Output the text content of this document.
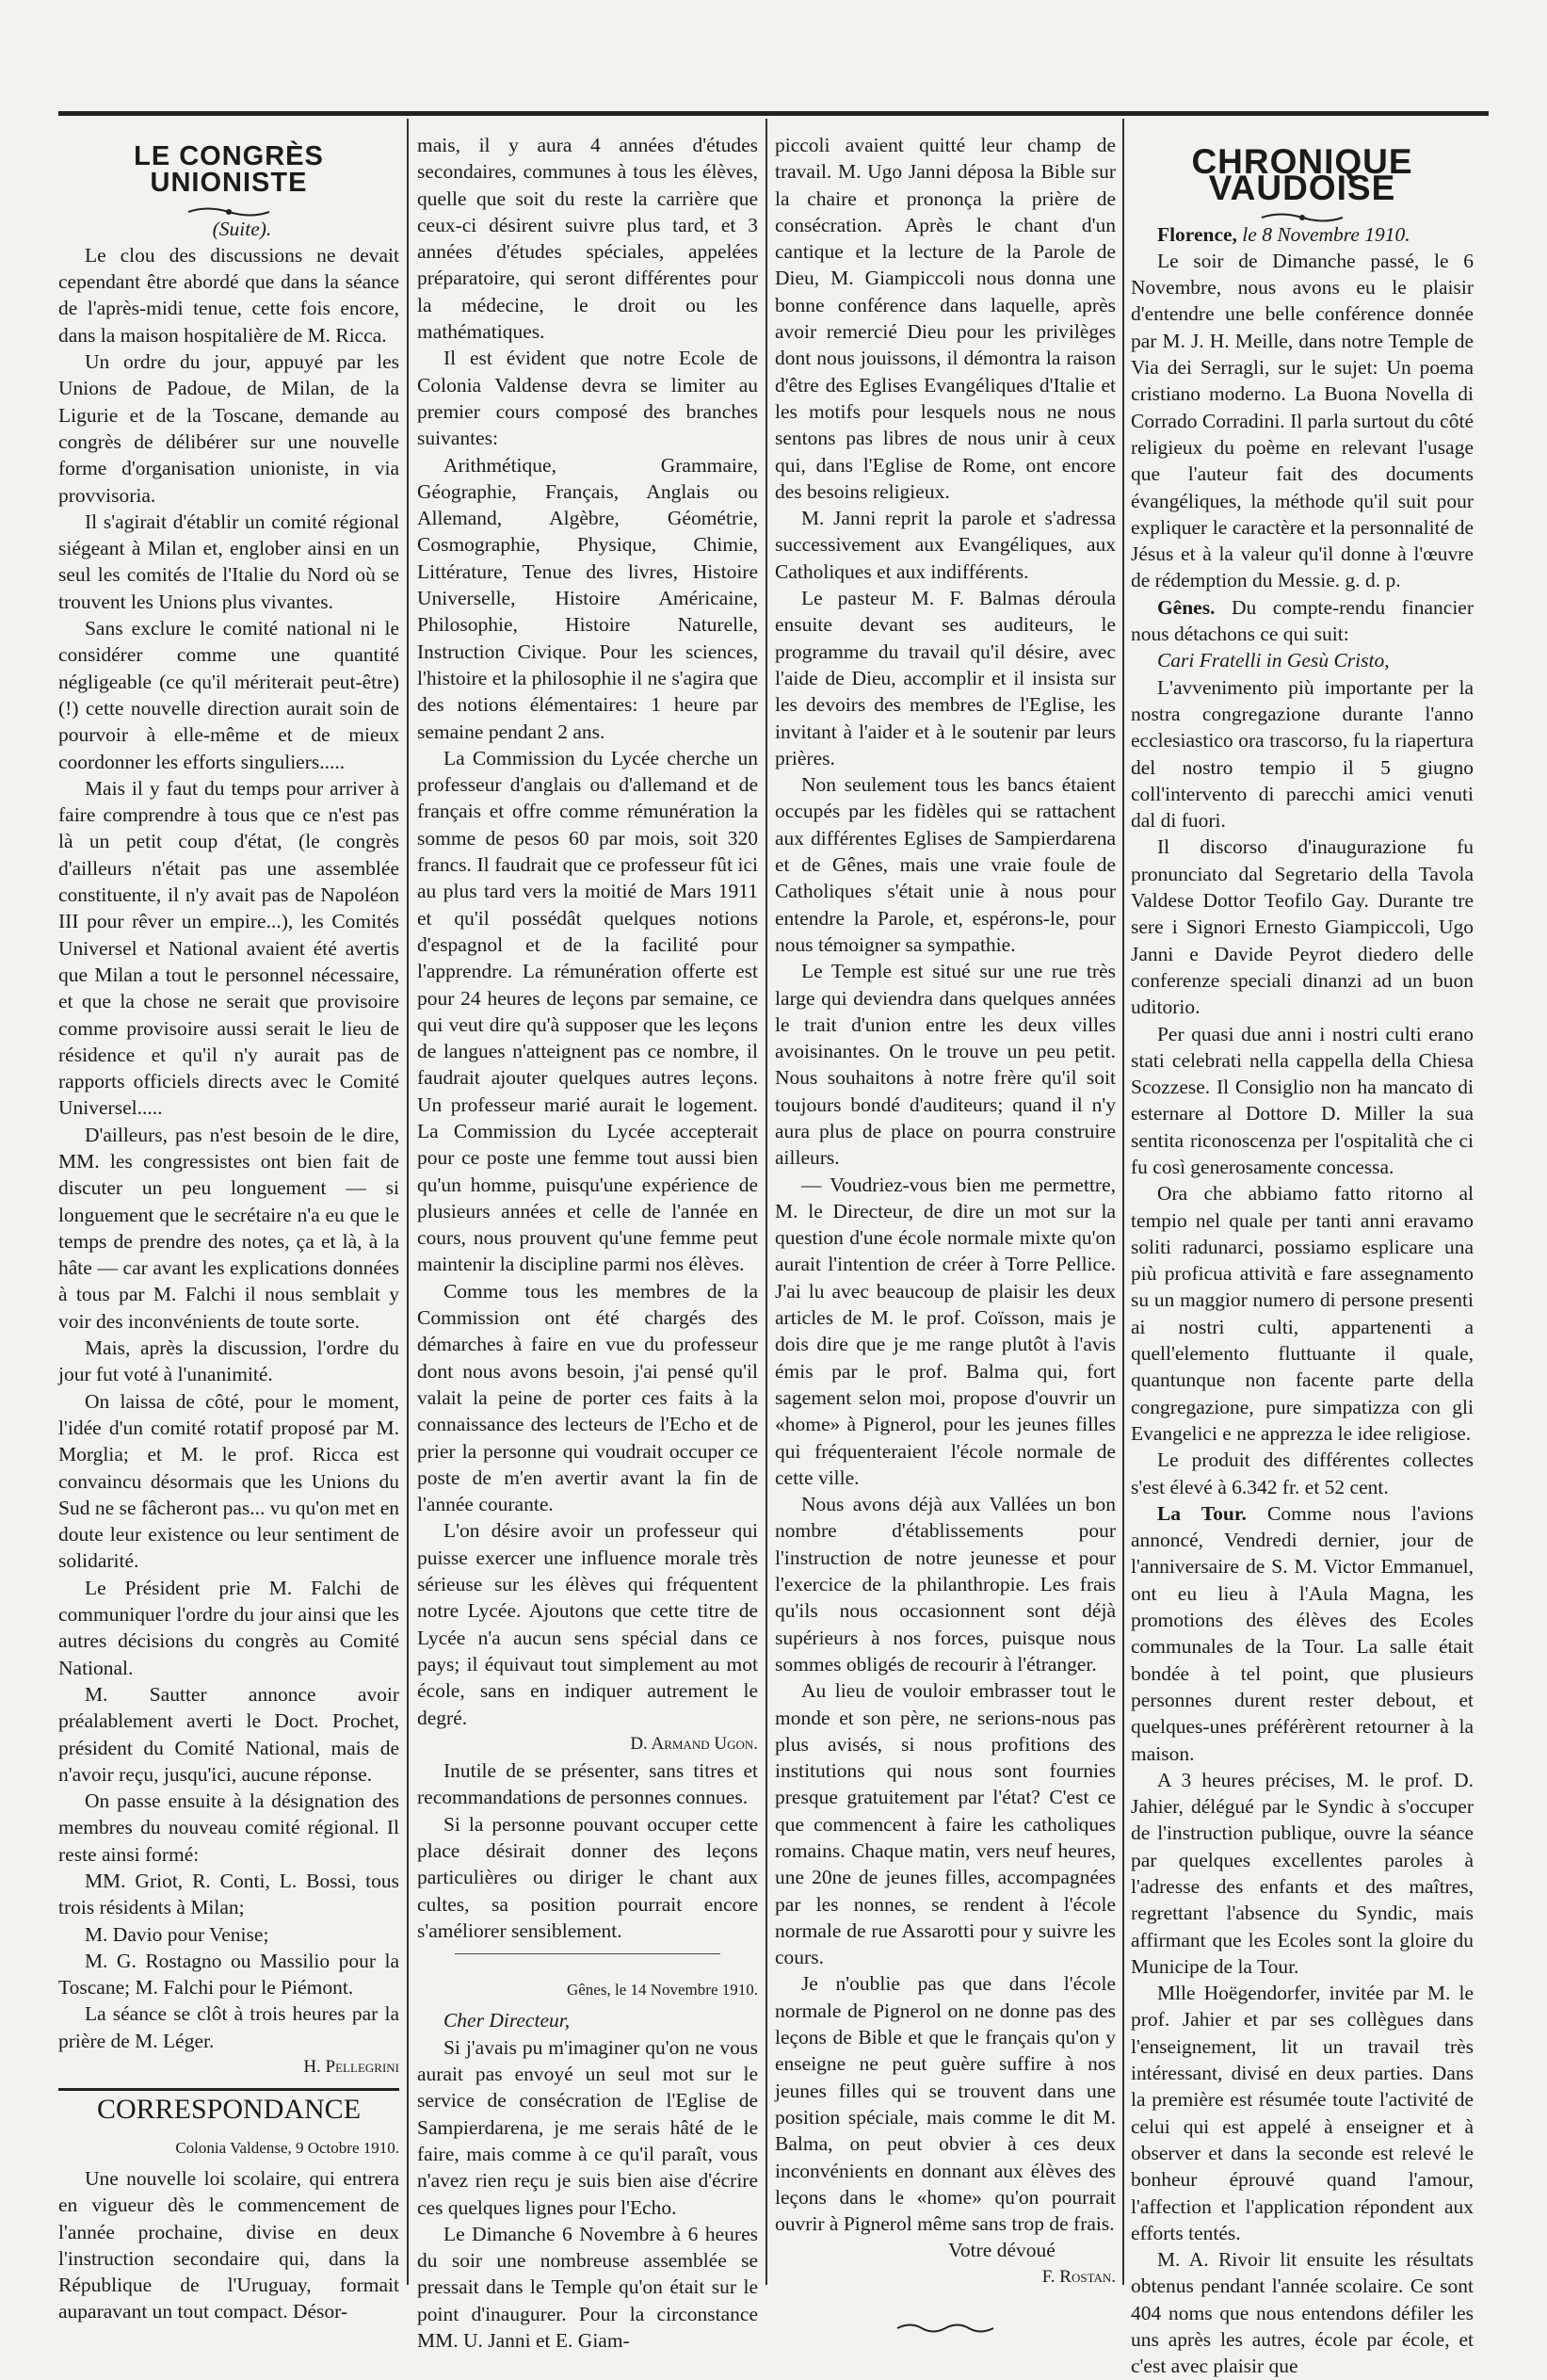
LE CONGRÈS UNIONISTE

(Suite).

Le clou des discussions ne devait cependant être abordé que dans la séance de l'après-midi tenue, cette fois encore, dans la maison hospitalière de M. Ricca.

Un ordre du jour, appuyé par les Unions de Padoue, de Milan, de la Ligurie et de la Toscane, demande au congrès de délibérer sur une nouvelle forme d'organisation unioniste, in via provvisoria.

Il s'agirait d'établir un comité régional siégeant à Milan et, englober ainsi en un seul les comités de l'Italie du Nord où se trouvent les Unions plus vivantes.

Sans exclure le comité national ni le considérer comme une quantité négligeable (ce qu'il mériterait peut-être) (!) cette nouvelle direction aurait soin de pourvoir à elle-même et de mieux coordonner les efforts singuliers.....

Mais il y faut du temps pour arriver à faire comprendre à tous que ce n'est pas là un petit coup d'état, (le congrès d'ailleurs n'était pas une assemblée constituente, il n'y avait pas de Napoléon III pour rêver un empire...), les Comités Universel et National avaient été avertis que Milan a tout le personnel nécessaire, et que la chose ne serait que provisoire comme provisoire aussi serait le lieu de résidence et qu'il n'y aurait pas de rapports officiels directs avec le Comité Universel.....

D'ailleurs, pas n'est besoin de le dire, MM. les congressistes ont bien fait de discuter un peu longuement — si longuement que le secrétaire n'a eu que le temps de prendre des notes, ça et là, à la hâte — car avant les explications données à tous par M. Falchi il nous semblait y voir des inconvénients de toute sorte.

Mais, après la discussion, l'ordre du jour fut voté à l'unanimité.

On laissa de côté, pour le moment, l'idée d'un comité rotatif proposé par M. Morglia; et M. le prof. Ricca est convaincu désormais que les Unions du Sud ne se fâcheront pas... vu qu'on met en doute leur existence ou leur sentiment de solidarité.

Le Président prie M. Falchi de communiquer l'ordre du jour ainsi que les autres décisions du congrès au Comité National.

M. Sautter annonce avoir préalablement averti le Doct. Prochet, président du Comité National, mais de n'avoir reçu, jusqu'ici, aucune réponse.

On passe ensuite à la désignation des membres du nouveau comité régional. Il reste ainsi formé:

MM. Griot, R. Conti, L. Bossi, tous trois résidents à Milan;

M. Davio pour Venise;

M. G. Rostagno ou Massilio pour la Toscane; M. Falchi pour le Piémont.

La séance se clôt à trois heures par la prière de M. Léger.

H. Pellegrini
CORRESPONDANCE
Colonia Valdense, 9 Octobre 1910.

Une nouvelle loi scolaire, qui entrera en vigueur dès le commencement de l'année prochaine, divise en deux l'instruction secondaire qui, dans la République de l'Uruguay, formait auparavant un tout compact. Désor-

mais, il y aura 4 années d'études secondaires, communes à tous les élèves, quelle que soit du reste la carrière que ceux-ci désirent suivre plus tard, et 3 années d'études spéciales, appelées préparatoire, qui seront différentes pour la médecine, le droit ou les mathématiques.

Il est évident que notre Ecole de Colonia Valdense devra se limiter au premier cours composé des branches suivantes:

Arithmétique, Grammaire, Géographie, Français, Anglais ou Allemand, Algèbre, Géométrie, Cosmographie, Physique, Chimie, Littérature, Tenue des livres, Histoire Universelle, Histoire Américaine, Philosophie, Histoire Naturelle, Instruction Civique. Pour les sciences, l'histoire et la philosophie il ne s'agira que des notions élémentaires: 1 heure par semaine pendant 2 ans.

La Commission du Lycée cherche un professeur d'anglais ou d'allemand et de français et offre comme rémunération la somme de pesos 60 par mois, soit 320 francs. Il faudrait que ce professeur fût ici au plus tard vers la moitié de Mars 1911 et qu'il possédât quelques notions d'espagnol et de la facilité pour l'apprendre. La rémunération offerte est pour 24 heures de leçons par semaine, ce qui veut dire qu'à supposer que les leçons de langues n'atteignent pas ce nombre, il faudrait ajouter quelques autres leçons. Un professeur marié aurait le logement. La Commission du Lycée accepterait pour ce poste une femme tout aussi bien qu'un homme, puisqu'une expérience de plusieurs années et celle de l'année en cours, nous prouvent qu'une femme peut maintenir la discipline parmi nos élèves.

Comme tous les membres de la Commission ont été chargés des démarches à faire en vue du professeur dont nous avons besoin, j'ai pensé qu'il valait la peine de porter ces faits à la connaissance des lecteurs de l'Echo et de prier la personne qui voudrait occuper ce poste de m'en avertir avant la fin de l'année courante.

L'on désire avoir un professeur qui puisse exercer une influence morale très sérieuse sur les élèves qui fréquentent notre Lycée. Ajoutons que cette titre de Lycée n'a aucun sens spécial dans ce pays; il équivaut tout simplement au mot école, sans en indiquer autrement le degré.

D. Armand Ugon.

Inutile de se présenter, sans titres et recommandations de personnes connues.

Si la personne pouvant occuper cette place désirait donner des leçons particulières ou diriger le chant aux cultes, sa position pourrait encore s'améliorer sensiblement.

Gênes, le 14 Novembre 1910.

Cher Directeur,

Si j'avais pu m'imaginer qu'on ne vous aurait pas envoyé un seul mot sur le service de consécration de l'Eglise de Sampierdarena, je me serais hâté de le faire, mais comme à ce qu'il paraît, vous n'avez rien reçu je suis bien aise d'écrire ces quelques lignes pour l'Echo.

Le Dimanche 6 Novembre à 6 heures du soir une nombreuse assemblée se pressait dans le Temple qu'on était sur le point d'inaugurer. Pour la circonstance MM. U. Janni et E. Giam-

piccoli avaient quitté leur champ de travail. M. Ugo Janni déposa la Bible sur la chaire et prononça la prière de consécration. Après le chant d'un cantique et la lecture de la Parole de Dieu, M. Giampiccoli nous donna une bonne conférence dans laquelle, après avoir remercié Dieu pour les privilèges dont nous jouissons, il démontra la raison d'être des Eglises Evangéliques d'Italie et les motifs pour lesquels nous ne nous sentons pas libres de nous unir à ceux qui, dans l'Eglise de Rome, ont encore des besoins religieux.

M. Janni reprit la parole et s'adressa successivement aux Evangéliques, aux Catholiques et aux indifférents.

Le pasteur M. F. Balmas déroula ensuite devant ses auditeurs, le programme du travail qu'il désire, avec l'aide de Dieu, accomplir et il insista sur les devoirs des membres de l'Eglise, les invitant à l'aider et à le soutenir par leurs prières.

Non seulement tous les bancs étaient occupés par les fidèles qui se rattachent aux différentes Eglises de Sampierdarena et de Gênes, mais une vraie foule de Catholiques s'était unie à nous pour entendre la Parole, et, espérons-le, pour nous témoigner sa sympathie.

Le Temple est situé sur une rue très large qui deviendra dans quelques années le trait d'union entre les deux villes avoisinantes. On le trouve un peu petit. Nous souhaitons à notre frère qu'il soit toujours bondé d'auditeurs; quand il n'y aura plus de place on pourra construire ailleurs.

— Voudriez-vous bien me permettre, M. le Directeur, de dire un mot sur la question d'une école normale mixte qu'on aurait l'intention de créer à Torre Pellice. J'ai lu avec beaucoup de plaisir les deux articles de M. le prof. Coïsson, mais je dois dire que je me range plutôt à l'avis émis par le prof. Balma qui, fort sagement selon moi, propose d'ouvrir un «home» à Pignerol, pour les jeunes filles qui fréquenteraient l'école normale de cette ville.

Nous avons déjà aux Vallées un bon nombre d'établissements pour l'instruction de notre jeunesse et pour l'exercice de la philanthropie. Les frais qu'ils nous occasionnent sont déjà supérieurs à nos forces, puisque nous sommes obligés de recourir à l'étranger.

Au lieu de vouloir embrasser tout le monde et son père, ne serions-nous pas plus avisés, si nous profitions des institutions qui nous sont fournies presque gratuitement par l'état? C'est ce que commencent à faire les catholiques romains. Chaque matin, vers neuf heures, une 20ne de jeunes filles, accompagnées par les nonnes, se rendent à l'école normale de rue Assarotti pour y suivre les cours.

Je n'oublie pas que dans l'école normale de Pignerol on ne donne pas des leçons de Bible et que le français qu'on y enseigne ne peut guère suffire à nos jeunes filles qui se trouvent dans une position spéciale, mais comme le dit M. Balma, on peut obvier à ces deux inconvénients en donnant aux élèves des leçons dans le «home» qu'on pourrait ouvrir à Pignerol même sans trop de frais.

Votre dévoué
F. Rostan.
CHRONIQUE VAUDOISE

Florence, le 8 Novembre 1910.

Le soir de Dimanche passé, le 6 Novembre, nous avons eu le plaisir d'entendre une belle conférence donnée par M. J. H. Meille, dans notre Temple de Via dei Serragli, sur le sujet: Un poema cristiano moderno. La Buona Novella di Corrado Corradini. Il parla surtout du côté religieux du poème en relevant l'usage que l'auteur fait des documents évangéliques, la méthode qu'il suit pour expliquer le caractère et la personnalité de Jésus et à la valeur qu'il donne à l'œuvre de rédemption du Messie. g. d. p.

Gênes. Du compte-rendu financier nous détachons ce qui suit:

Cari Fratelli in Gesù Cristo,

L'avvenimento più importante per la nostra congregazione durante l'anno ecclesiastico ora trascorso, fu la riapertura del nostro tempio il 5 giugno coll'intervento di parecchi amici venuti dal di fuori.

Il discorso d'inaugurazione fu pronunciato dal Segretario della Tavola Valdese Dottor Teofilo Gay. Durante tre sere i Signori Ernesto Giampiccoli, Ugo Janni e Davide Peyrot diedero delle conferenze speciali dinanzi ad un buon uditorio.

Per quasi due anni i nostri culti erano stati celebrati nella cappella della Chiesa Scozzese. Il Consiglio non ha mancato di esternare al Dottore D. Miller la sua sentita riconoscenza per l'ospitalità che ci fu così generosamente concessa.

Ora che abbiamo fatto ritorno al tempio nel quale per tanti anni eravamo soliti radunarci, possiamo esplicare una più proficua attività e fare assegnamento su un maggior numero di persone presenti ai nostri culti, appartenenti a quell'elemento fluttuante il quale, quantunque non facente parte della congregazione, pure simpatizza con gli Evangelici e ne apprezza le idee religiose.

Le produit des différentes collectes s'est élevé à 6.342 fr. et 52 cent.

La Tour. Comme nous l'avions annoncé, Vendredi dernier, jour de l'anniversaire de S. M. Victor Emmanuel, ont eu lieu à l'Aula Magna, les promotions des élèves des Ecoles communales de la Tour. La salle était bondée à tel point, que plusieurs personnes durent rester debout, et quelques-unes préférèrent retourner à la maison.

A 3 heures précises, M. le prof. D. Jahier, délégué par le Syndic à s'occuper de l'instruction publique, ouvre la séance par quelques excellentes paroles à l'adresse des enfants et des maîtres, regrettant l'absence du Syndic, mais affirmant que les Ecoles sont la gloire du Municipe de la Tour.

Mlle Hoëgendorfer, invitée par M. le prof. Jahier et par ses collègues dans l'enseignement, lit un travail très intéressant, divisé en deux parties. Dans la première est résumée toute l'activité de celui qui est appelé à enseigner et à observer et dans la seconde est relevé le bonheur éprouvé quand l'amour, l'affection et l'application répondent aux efforts tentés.

M. A. Rivoir lit ensuite les résultats obtenus pendant l'année scolaire. Ce sont 404 noms que nous entendons défiler les uns après les autres, école par école, et c'est avec plaisir que
